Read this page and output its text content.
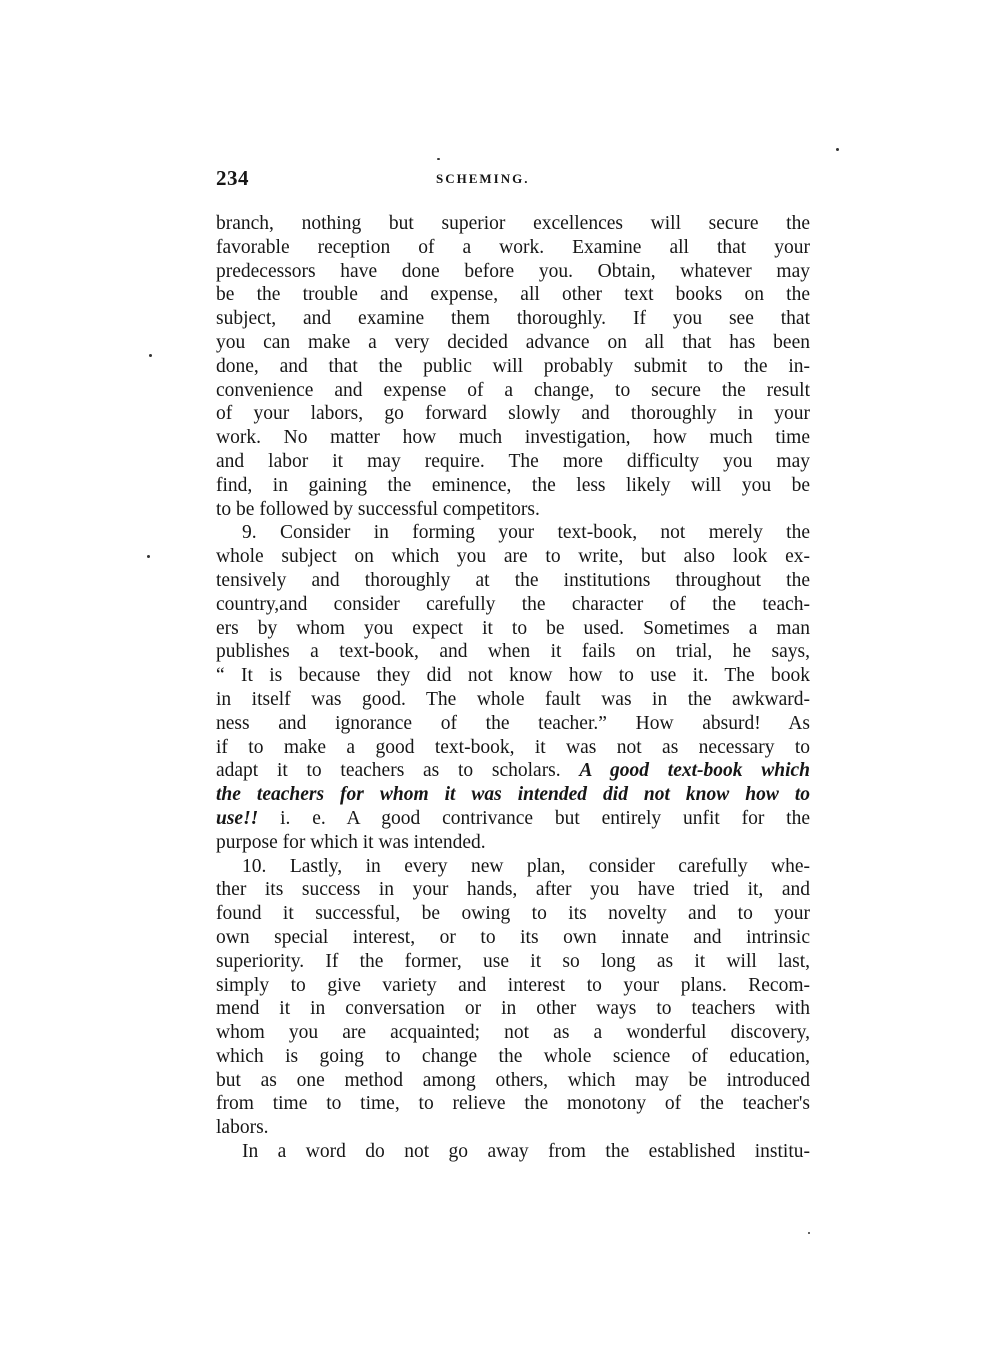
234	SCHEMING.
branch, nothing but superior excellences will secure the
favorable reception of a work. Examine all that your
predecessors have done before you. Obtain, whatever may
be the trouble and expense, all other text books on the
subject, and examine them thoroughly. If you see that
you can make a very decided advance on all that has been
done, and that the public will probably submit to the in-
convenience and expense of a change, to secure the result
of your labors, go forward slowly and thoroughly in your
work. No matter how much investigation, how much time
and labor it may require. The more difficulty you may
find, in gaining the eminence, the less likely will you be
to be followed by successful competitors.
9. Consider in forming your text-book, not merely the
whole subject on which you are to write, but also look ex-
tensively and thoroughly at the institutions throughout the
country,and consider carefully the character of the teach-
ers by whom you expect it to be used. Sometimes a man
publishes a text-book, and when it fails on trial, he says,
“ It is because they did not know how to use it. The book
in itself was good. The whole fault was in the awkward-
ness and ignorance of the teacher.” How absurd! As
if to make a good text-book, it was not as necessary to
adapt it to teachers as to scholars. A good text-book which
the teachers for whom it was intended did not know how to
use!! i. e. A good contrivance but entirely unfit for the
purpose for which it was intended.
10. Lastly, in every new plan, consider carefully whe-
ther its success in your hands, after you have tried it, and
found it successful, be owing to its novelty and to your
own special interest, or to its own innate and intrinsic
superiority. If the former, use it so long as it will last,
simply to give variety and interest to your plans. Recom-
mend it in conversation or in other ways to teachers with
whom you are acquainted; not as a wonderful discovery,
which is going to change the whole science of education,
but as one method among others, which may be introduced
from time to time, to relieve the monotony of the teacher's
labors.
In a word do not go away from the established institu-
